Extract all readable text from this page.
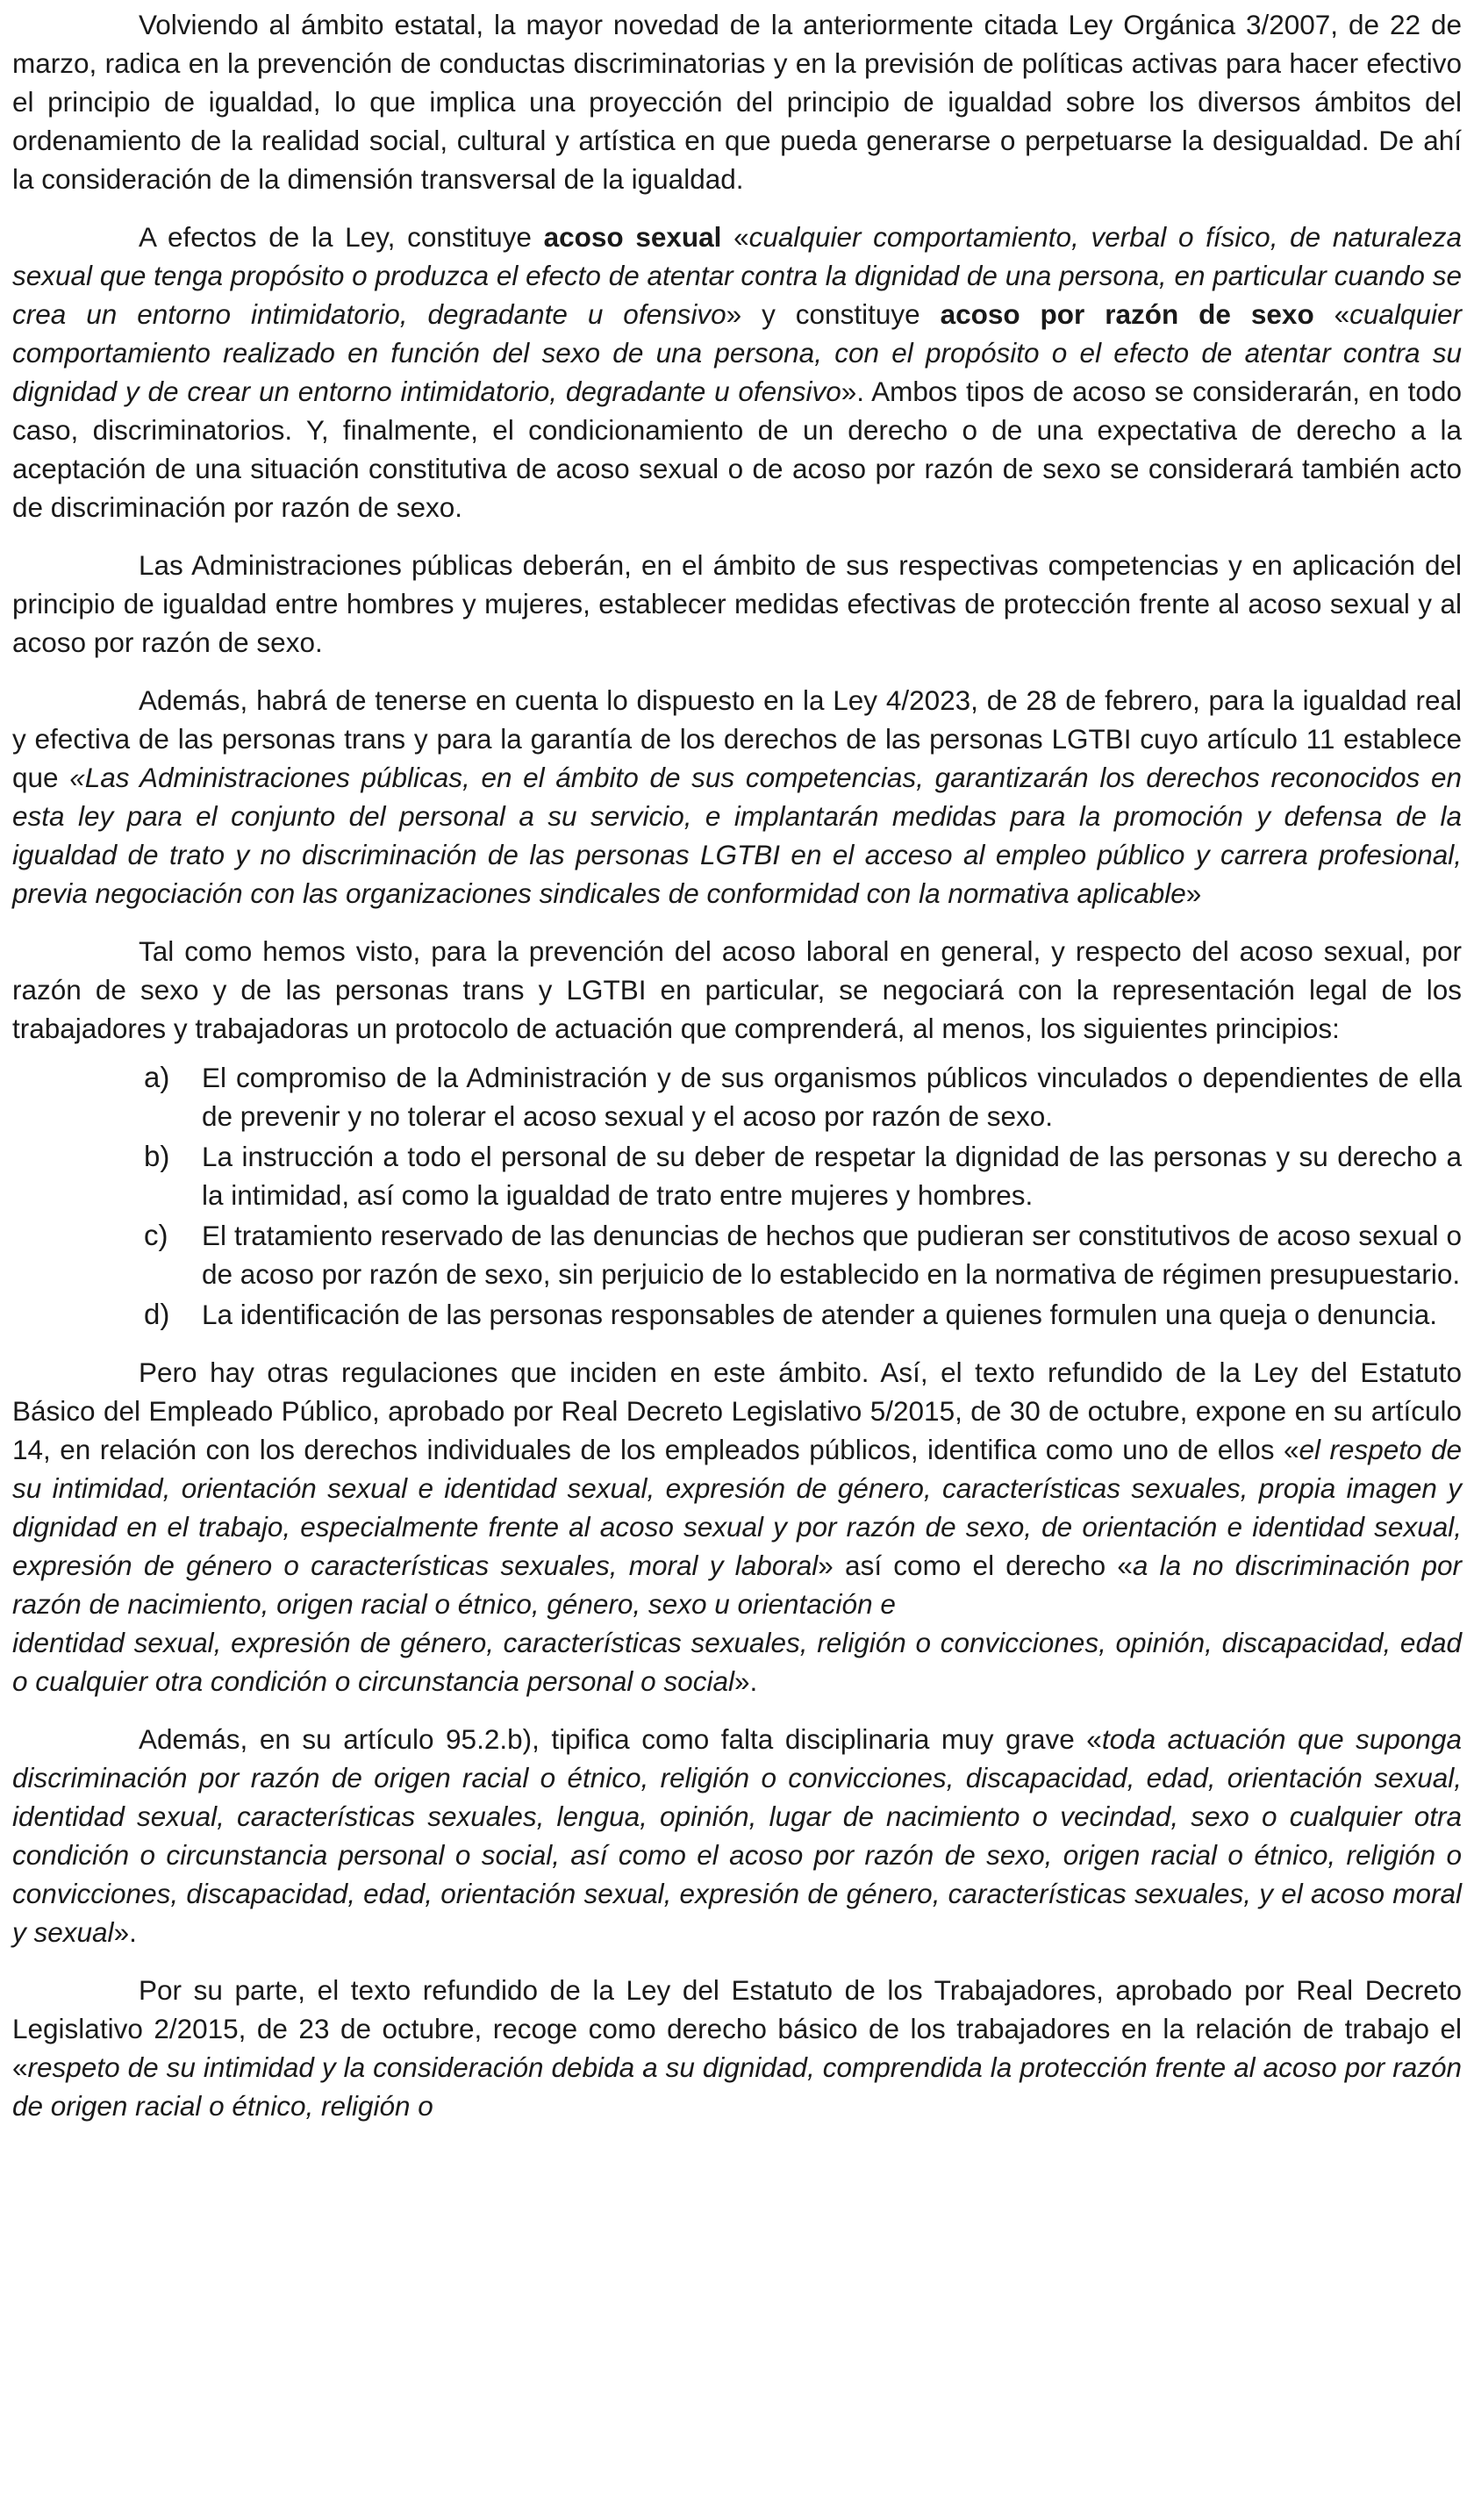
Volviendo al ámbito estatal, la mayor novedad de la anteriormente citada Ley Orgánica 3/2007, de 22 de marzo, radica en la prevención de conductas discriminatorias y en la previsión de políticas activas para hacer efectivo el principio de igualdad, lo que implica una proyección del principio de igualdad sobre los diversos ámbitos del ordenamiento de la realidad social, cultural y artística en que pueda generarse o perpetuarse la desigualdad. De ahí la consideración de la dimensión transversal de la igualdad.

A efectos de la Ley, constituye acoso sexual «cualquier comportamiento, verbal o físico, de naturaleza sexual que tenga propósito o produzca el efecto de atentar contra la dignidad de una persona, en particular cuando se crea un entorno intimidatorio, degradante u ofensivo» y constituye acoso por razón de sexo «cualquier comportamiento realizado en función del sexo de una persona, con el propósito o el efecto de atentar contra su dignidad y de crear un entorno intimidatorio, degradante u ofensivo». Ambos tipos de acoso se considerarán, en todo caso, discriminatorios. Y, finalmente, el condicionamiento de un derecho o de una expectativa de derecho a la aceptación de una situación constitutiva de acoso sexual o de acoso por razón de sexo se considerará también acto de discriminación por razón de sexo.

Las Administraciones públicas deberán, en el ámbito de sus respectivas competencias y en aplicación del principio de igualdad entre hombres y mujeres, establecer medidas efectivas de protección frente al acoso sexual y al acoso por razón de sexo.

Además, habrá de tenerse en cuenta lo dispuesto en la Ley 4/2023, de 28 de febrero, para la igualdad real y efectiva de las personas trans y para la garantía de los derechos de las personas LGTBI cuyo artículo 11 establece que «Las Administraciones públicas, en el ámbito de sus competencias, garantizarán los derechos reconocidos en esta ley para el conjunto del personal a su servicio, e implantarán medidas para la promoción y defensa de la igualdad de trato y no discriminación de las personas LGTBI en el acceso al empleo público y carrera profesional, previa negociación con las organizaciones sindicales de conformidad con la normativa aplicable»

Tal como hemos visto, para la prevención del acoso laboral en general, y respecto del acoso sexual, por razón de sexo y de las personas trans y LGTBI en particular, se negociará con la representación legal de los trabajadores y trabajadoras un protocolo de actuación que comprenderá, al menos, los siguientes principios:

a) El compromiso de la Administración y de sus organismos públicos vinculados o dependientes de ella de prevenir y no tolerar el acoso sexual y el acoso por razón de sexo.
b) La instrucción a todo el personal de su deber de respetar la dignidad de las personas y su derecho a la intimidad, así como la igualdad de trato entre mujeres y hombres.
c) El tratamiento reservado de las denuncias de hechos que pudieran ser constitutivos de acoso sexual o de acoso por razón de sexo, sin perjuicio de lo establecido en la normativa de régimen presupuestario.
d) La identificación de las personas responsables de atender a quienes formulen una queja o denuncia.

Pero hay otras regulaciones que inciden en este ámbito. Así, el texto refundido de la Ley del Estatuto Básico del Empleado Público, aprobado por Real Decreto Legislativo 5/2015, de 30 de octubre, expone en su artículo 14, en relación con los derechos individuales de los empleados públicos, identifica como uno de ellos «el respeto de su intimidad, orientación sexual e identidad sexual, expresión de género, características sexuales, propia imagen y dignidad en el trabajo, especialmente frente al acoso sexual y por razón de sexo, de orientación e identidad sexual, expresión de género o características sexuales, moral y laboral» así como el derecho «a la no discriminación por razón de nacimiento, origen racial o étnico, género, sexo u orientación e

identidad sexual, expresión de género, características sexuales, religión o convicciones, opinión, discapacidad, edad o cualquier otra condición o circunstancia personal o social».

Además, en su artículo 95.2.b), tipifica como falta disciplinaria muy grave «toda actuación que suponga discriminación por razón de origen racial o étnico, religión o convicciones, discapacidad, edad, orientación sexual, identidad sexual, características sexuales, lengua, opinión, lugar de nacimiento o vecindad, sexo o cualquier otra condición o circunstancia personal o social, así como el acoso por razón de sexo, origen racial o étnico, religión o convicciones, discapacidad, edad, orientación sexual, expresión de género, características sexuales, y el acoso moral y sexual».

Por su parte, el texto refundido de la Ley del Estatuto de los Trabajadores, aprobado por Real Decreto Legislativo 2/2015, de 23 de octubre, recoge como derecho básico de los trabajadores en la relación de trabajo el «respeto de su intimidad y la consideración debida a su dignidad, comprendida la protección frente al acoso por razón de origen racial o étnico, religión o
